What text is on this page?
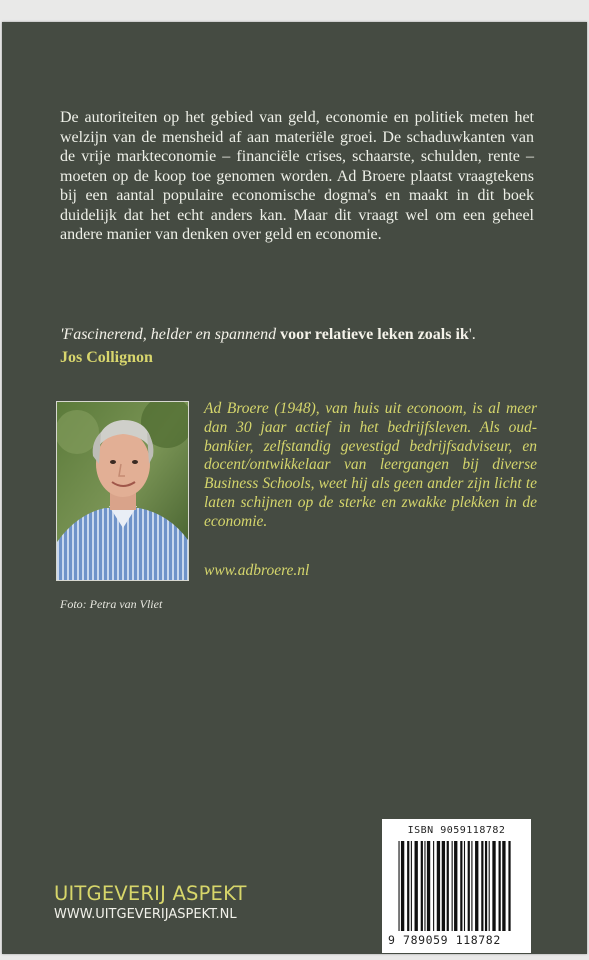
De autoriteiten op het gebied van geld, economie en politiek meten het welzijn van de mensheid af aan materiële groei. De schaduwkanten van de vrije markteconomie – financiële crises, schaarste, schulden, rente – moeten op de koop toe genomen worden. Ad Broere plaatst vraagtekens bij een aantal populaire economische dogma's en maakt in dit boek duidelijk dat het echt anders kan. Maar dit vraagt wel om een geheel andere manier van denken over geld en economie.

'Fascinerend, helder en spannend voor relatieve leken zoals ik'.

Jos Collignon

Foto: Petra van Vliet

Ad Broere (1948), van huis uit econoom, is al meer dan 30 jaar actief in het bedrijfsleven. Als oud-bankier, zelfstandig gevestigd bedrijfsadviseur, en docent/ontwikkelaar van leergangen bij diverse Business Schools, weet hij als geen ander zijn licht te laten schijnen op de sterke en zwakke plekken in de economie.

www.adbroere.nl

UITGEVERIJ ASPEKT

WWW.UITGEVERIJASPEKT.NL

ISBN 9059118782
9 789059 118782
